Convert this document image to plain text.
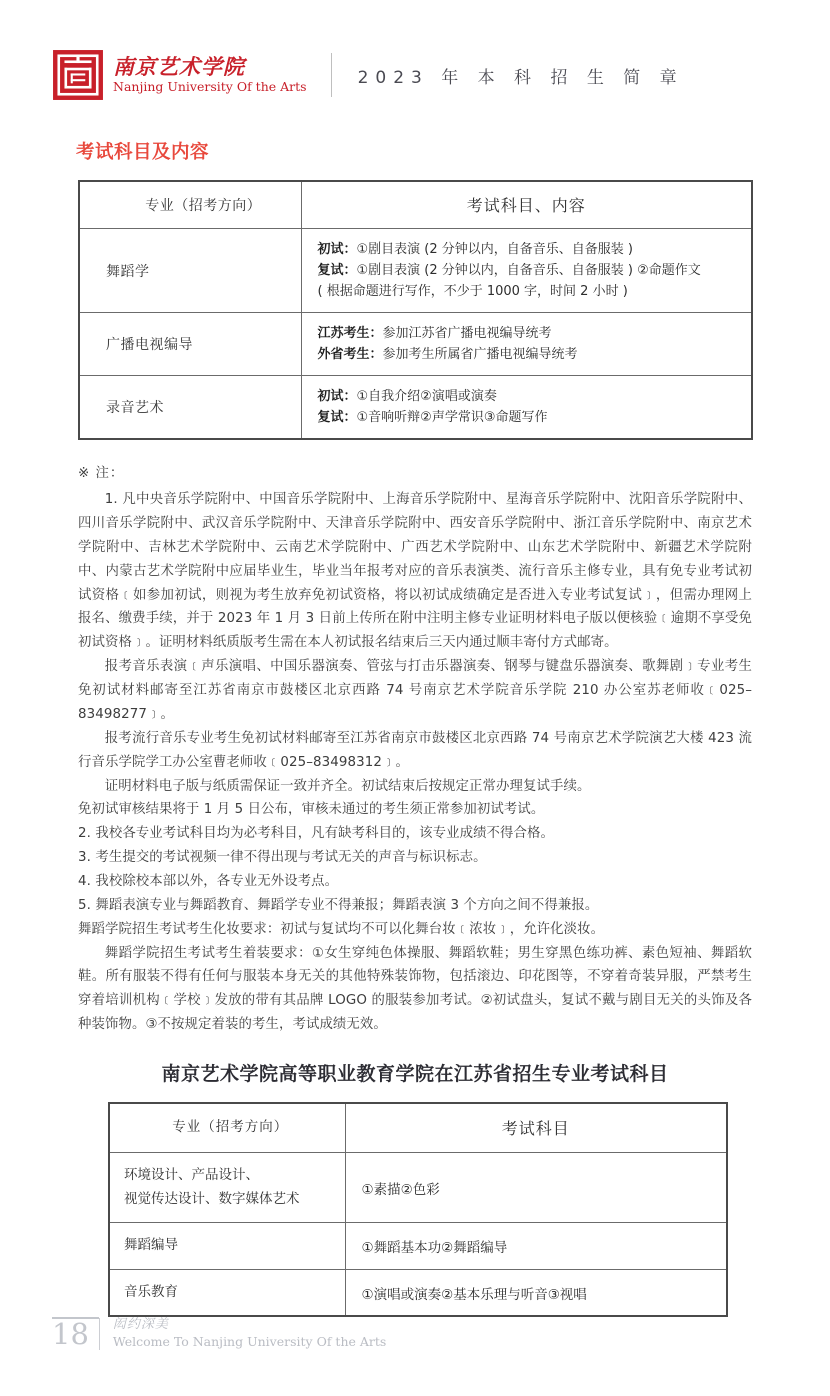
南京艺术学院
Nanjing University Of the Arts	2023 年 本 科 招 生 简 章
考试科目及内容
专业（招考方向）	考试科目、内容
舞蹈学	初试：①剧目表演 (2 分钟以内，自备音乐、自备服装 )
复试：①剧目表演 (2 分钟以内，自备音乐、自备服装 ) ②命题作文
( 根据命题进行写作，不少于 1000 字，时间 2 小时 )

广播电视编导	江苏考生：参加江苏省广播电视编导统考
外省考生：参加考生所属省广播电视编导统考

录音艺术	初试：①自我介绍②演唱或演奏
复试：①音响听辩②声学常识③命题写作
※ 注：

1. 凡中央音乐学院附中、中国音乐学院附中、上海音乐学院附中、星海音乐学院附中、沈阳音乐学院附中、四川音乐学院附中、武汉音乐学院附中、天津音乐学院附中、西安音乐学院附中、浙江音乐学院附中、南京艺术学院附中、吉林艺术学院附中、云南艺术学院附中、广西艺术学院附中、山东艺术学院附中、新疆艺术学院附中、内蒙古艺术学院附中应届毕业生，毕业当年报考对应的音乐表演类、流行音乐主修专业，具有免专业考试初试资格﹝如参加初试，则视为考生放弃免初试资格，将以初试成绩确定是否进入专业考试复试﹞，但需办理网上报名、缴费手续，并于 2023 年 1 月 3 日前上传所在附中注明主修专业证明材料电子版以便核验﹝逾期不享受免初试资格﹞。证明材料纸质版考生需在本人初试报名结束后三天内通过顺丰寄付方式邮寄。

报考音乐表演﹝声乐演唱、中国乐器演奏、管弦与打击乐器演奏、钢琴与键盘乐器演奏、歌舞剧﹞专业考生免初试材料邮寄至江苏省南京市鼓楼区北京西路 74 号南京艺术学院音乐学院 210 办公室苏老师收﹝025–83498277﹞。

报考流行音乐专业考生免初试材料邮寄至江苏省南京市鼓楼区北京西路 74 号南京艺术学院演艺大楼 423 流行音乐学院学工办公室曹老师收﹝025–83498312﹞。

证明材料电子版与纸质需保证一致并齐全。初试结束后按规定正常办理复试手续。

免初试审核结果将于 1 月 5 日公布，审核未通过的考生须正常参加初试考试。

2. 我校各专业考试科目均为必考科目，凡有缺考科目的，该专业成绩不得合格。

3. 考生提交的考试视频一律不得出现与考试无关的声音与标识标志。

4. 我校除校本部以外，各专业无外设考点。

5. 舞蹈表演专业与舞蹈教育、舞蹈学专业不得兼报；舞蹈表演 3 个方向之间不得兼报。

舞蹈学院招生考试考生化妆要求：初试与复试均不可以化舞台妆﹝浓妆﹞，允许化淡妆。

舞蹈学院招生考试考生着装要求：①女生穿纯色体操服、舞蹈软鞋；男生穿黑色练功裤、素色短袖、舞蹈软鞋。所有服装不得有任何与服装本身无关的其他特殊装饰物，包括滚边、印花图等，不穿着奇装异服，严禁考生穿着培训机构﹝学校﹞发放的带有其品牌 LOGO 的服装参加考试。②初试盘头，复试不戴与剧目无关的头饰及各种装饰物。③不按规定着装的考生，考试成绩无效。

南京艺术学院高等职业教育学院在江苏省招生专业考试科目
专业（招考方向）	考试科目

环境设计、产品设计、
视觉传达设计、数字媒体艺术	①素描②色彩

舞蹈编导	①舞蹈基本功②舞蹈编导

音乐教育	①演唱或演奏②基本乐理与听音③视唱
18	闳约深美
Welcome To Nanjing University Of the Arts
